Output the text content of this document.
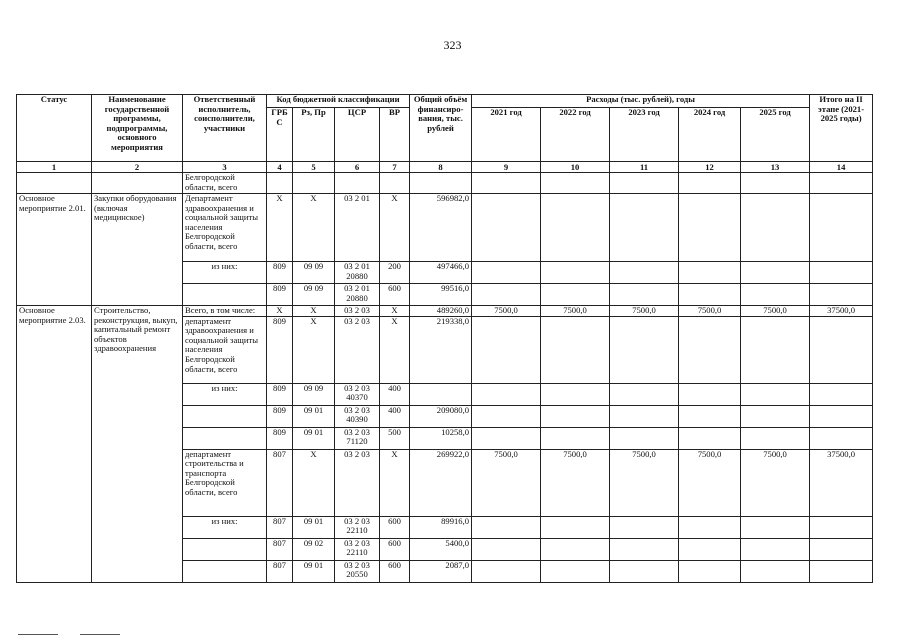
323
Статус	Наименование государственной программы, подпрограммы, основного мероприятия	Ответственный исполнитель, соисполнители, участники	Код бюджетной классификации				Общий объём финансиро-вания, тыс. рублей	Расходы (тыс. рублей), годы					Итого на II этапе (2021-2025 годы)
			ГРБС	Рз, Пр	ЦСР	ВР		2021 год	2022 год	2023 год	2024 год	2025 год	
1	2	3	4	5	6	7	8	9	10	11	12	13	14
		Белгородской области, всего											
Основное мероприятие 2.01.	Закупки оборудования (включая медицинское)	Департамент здравоохранения и социальной защиты населения Белгородской области, всего	Х	Х	03 2 01	Х	596982,0						
		из них:	809	09 09	03 2 01 20880	200	497466,0						
			809	09 09	03 2 01 20880	600	99516,0						
Основное мероприятие 2.03.	Строительство, реконструкция, выкуп, капитальный ремонт объектов здравоохранения	Всего, в том числе:	Х	Х	03 2 03	Х	489260,0	7500,0	7500,0	7500,0	7500,0	7500,0	37500,0
		департамент здравоохранения и социальной защиты населения Белгородской области, всего	809	Х	03 2 03	Х	219338,0						
		из них:	809	09 09	03 2 03 40370	400							
			809	09 01	03 2 03 40390	400	209080,0						
			809	09 01	03 2 03 71120	500	10258,0						
		департамент строительства и транспорта Белгородской области, всего	807	Х	03 2 03	Х	269922,0	7500,0	7500,0	7500,0	7500,0	7500,0	37500,0
		из них:	807	09 01	03 2 03 22110	600	89916,0						
			807	09 02	03 2 03 22110	600	5400,0						
			807	09 01	03 2 03 20550	600	2087,0						
